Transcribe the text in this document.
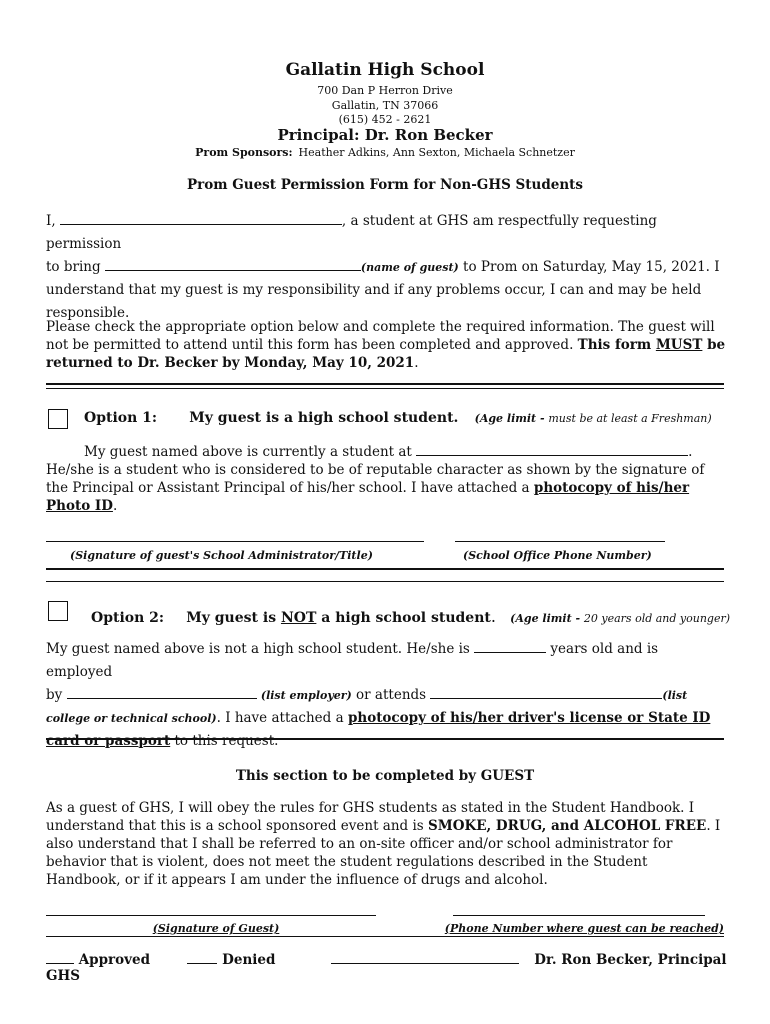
Gallatin High School
700 Dan P Herron Drive
Gallatin, TN 37066
(615) 452 - 2621
Principal: Dr. Ron Becker
Prom Sponsors: Heather Adkins, Ann Sexton, Michaela Schnetzer
Prom Guest Permission Form for Non-GHS Students
I,	, a student at GHS am respectfully requesting permission
to bring	(name of guest) to Prom on Saturday, May 15, 2021. I
understand that my guest is my responsibility and if any problems occur, I can and may be held
responsible.
Please check the appropriate option below and complete the required information. The guest will not be permitted to attend until this form has been completed and approved. This form MUST be returned to Dr. Becker by Monday, May 10, 2021.
Option 1: My guest is a high school student. (Age limit - must be at least a Freshman)
My guest named above is currently a student at	.
He/she is a student who is considered to be of reputable character as shown by the signature of the Principal or Assistant Principal of his/her school. I have attached a photocopy of his/her Photo ID.
(Signature of guest's School Administrator/Title)	(School Office Phone Number)
Option 2: My guest is NOT a high school student. (Age limit - 20 years old and younger)
My guest named above is not a high school student. He/she is	years old and is employed
by	(list employer) or attends	(list
college or technical school). I have attached a photocopy of his/her driver's license or State ID card or passport to this request.
This section to be completed by GUEST
As a guest of GHS, I will obey the rules for GHS students as stated in the Student Handbook. I understand that this is a school sponsored event and is SMOKE, DRUG, and ALCOHOL FREE. I also understand that I shall be referred to an on-site officer and/or school administrator for behavior that is violent, does not meet the student regulations described in the Student Handbook, or if it appears I am under the influence of drugs and alcohol.
(Signature of Guest)	(Phone Number where guest can be reached)
Approved	Denied	Dr. Ron Becker, Principal GHS
